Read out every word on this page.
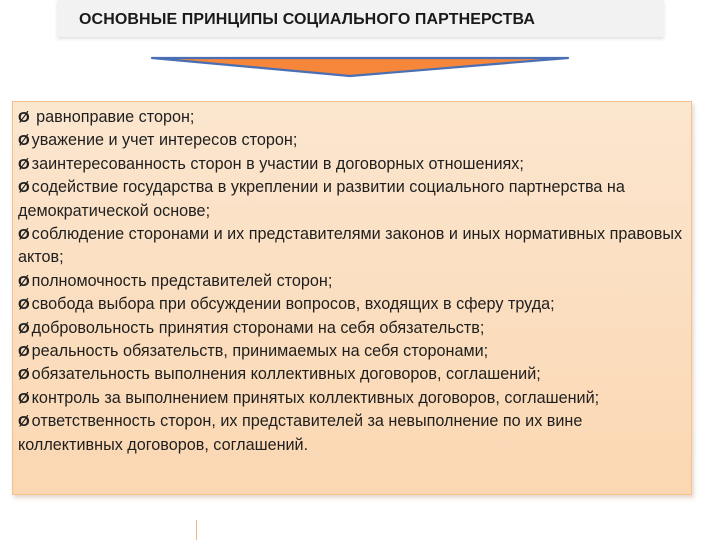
ОСНОВНЫЕ ПРИНЦИПЫ СОЦИАЛЬНОГО ПАРТНЕРСТВА
Ø равноправие сторон;
Ø уважение и учет интересов сторон;
Ø заинтересованность сторон в участии в договорных отношениях;
Ø содействие государства в укреплении и развитии социального партнерства на демократической основе;
Ø соблюдение сторонами и их представителями законов и иных нормативных правовых актов;
Ø полномочность представителей сторон;
Ø свобода выбора при обсуждении вопросов, входящих в сферу труда;
Ø добровольность принятия сторонами на себя обязательств;
Ø реальность обязательств, принимаемых на себя сторонами;
Ø обязательность выполнения коллективных договоров, соглашений;
Ø контроль за выполнением принятых коллективных договоров, соглашений;
Ø ответственность сторон, их представителей за невыполнение по их вине коллективных договоров, соглашений.
